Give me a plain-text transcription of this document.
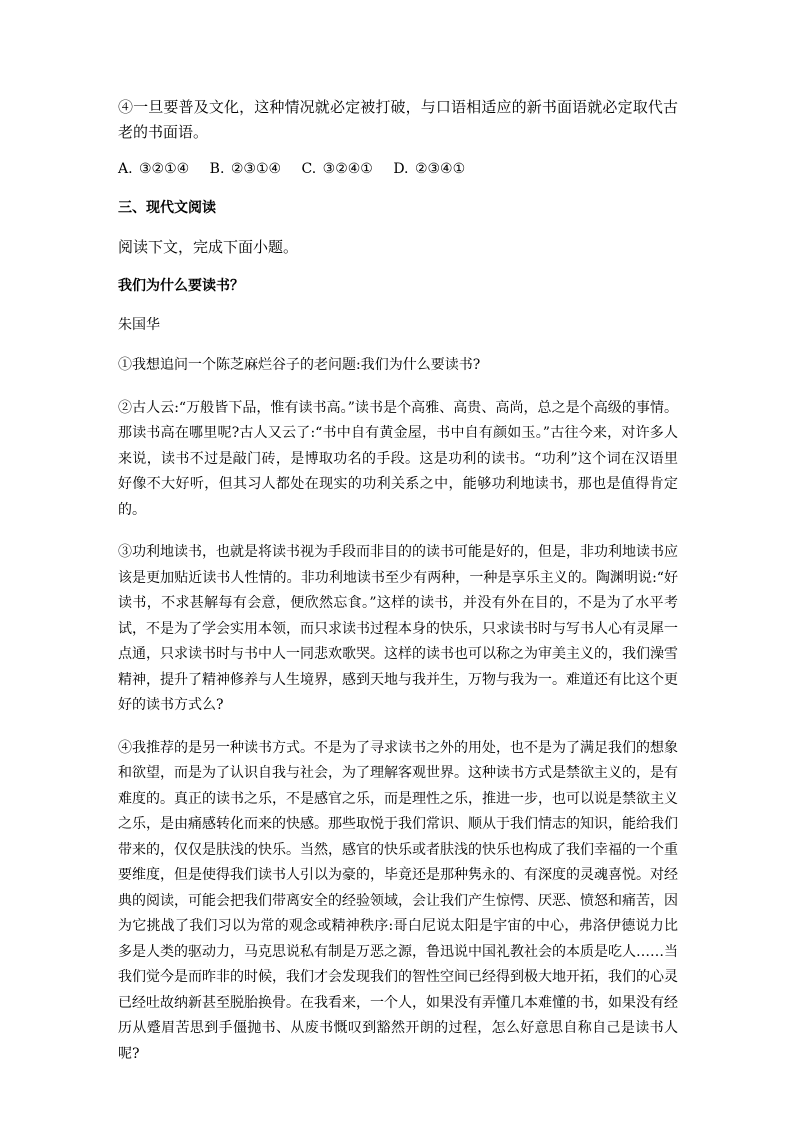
④一旦要普及文化，这种情况就必定被打破，与口语相适应的新书面语就必定取代古老的书面语。

A. ③②①④ B. ②③①④ C. ③②④① D. ②③④①

三、现代文阅读

阅读下文，完成下面小题。

我们为什么要读书？

朱国华

①我想追问一个陈芝麻烂谷子的老问题:我们为什么要读书?

②古人云:“万般皆下品，惟有读书高。”读书是个高雅、高贵、高尚，总之是个高级的事情。那读书高在哪里呢?古人又云了:“书中自有黄金屋，书中自有颜如玉。”古往今来，对许多人来说，读书不过是敲门砖，是博取功名的手段。这是功利的读书。“功利”这个词在汉语里好像不大好听，但其习人都处在现实的功利关系之中，能够功利地读书，那也是值得肯定的。

③功利地读书，也就是将读书视为手段而非目的的读书可能是好的，但是，非功利地读书应该是更加贴近读书人性情的。非功利地读书至少有两种，一种是享乐主义的。陶渊明说:“好读书，不求甚解每有会意，便欣然忘食。”这样的读书，并没有外在目的，不是为了水平考试，不是为了学会实用本领，而只求读书过程本身的快乐，只求读书时与写书人心有灵犀一点通，只求读书时与书中人一同悲欢歌哭。这样的读书也可以称之为审美主义的，我们澡雪精神，提升了精神修养与人生境界，感到天地与我并生，万物与我为一。难道还有比这个更好的读书方式么?

④我推荐的是另一种读书方式。不是为了寻求读书之外的用处，也不是为了满足我们的想象和欲望，而是为了认识自我与社会，为了理解客观世界。这种读书方式是禁欲主义的，是有难度的。真正的读书之乐，不是感官之乐，而是理性之乐，推进一步，也可以说是禁欲主义之乐，是由痛感转化而来的快感。那些取悦于我们常识、顺从于我们情志的知识，能给我们带来的，仅仅是肤浅的快乐。当然，感官的快乐或者肤浅的快乐也构成了我们幸福的一个重要维度，但是使得我们读书人引以为豪的，毕竟还是那种隽永的、有深度的灵魂喜悦。对经典的阅读，可能会把我们带离安全的经验领域，会让我们产生惊愕、厌恶、愤怒和痛苦，因为它挑战了我们习以为常的观念或精神秩序:哥白尼说太阳是宇宙的中心，弗洛伊德说力比多是人类的驱动力，马克思说私有制是万恶之源，鲁迅说中国礼教社会的本质是吃人……当我们觉今是而昨非的时候，我们才会发现我们的智性空间已经得到极大地开拓，我们的心灵已经吐故纳新甚至脱胎换骨。在我看来，一个人，如果没有弄懂几本难懂的书，如果没有经历从蹙眉苦思到手僵抛书、从废书慨叹到豁然开朗的过程，怎么好意思自称自己是读书人呢?
